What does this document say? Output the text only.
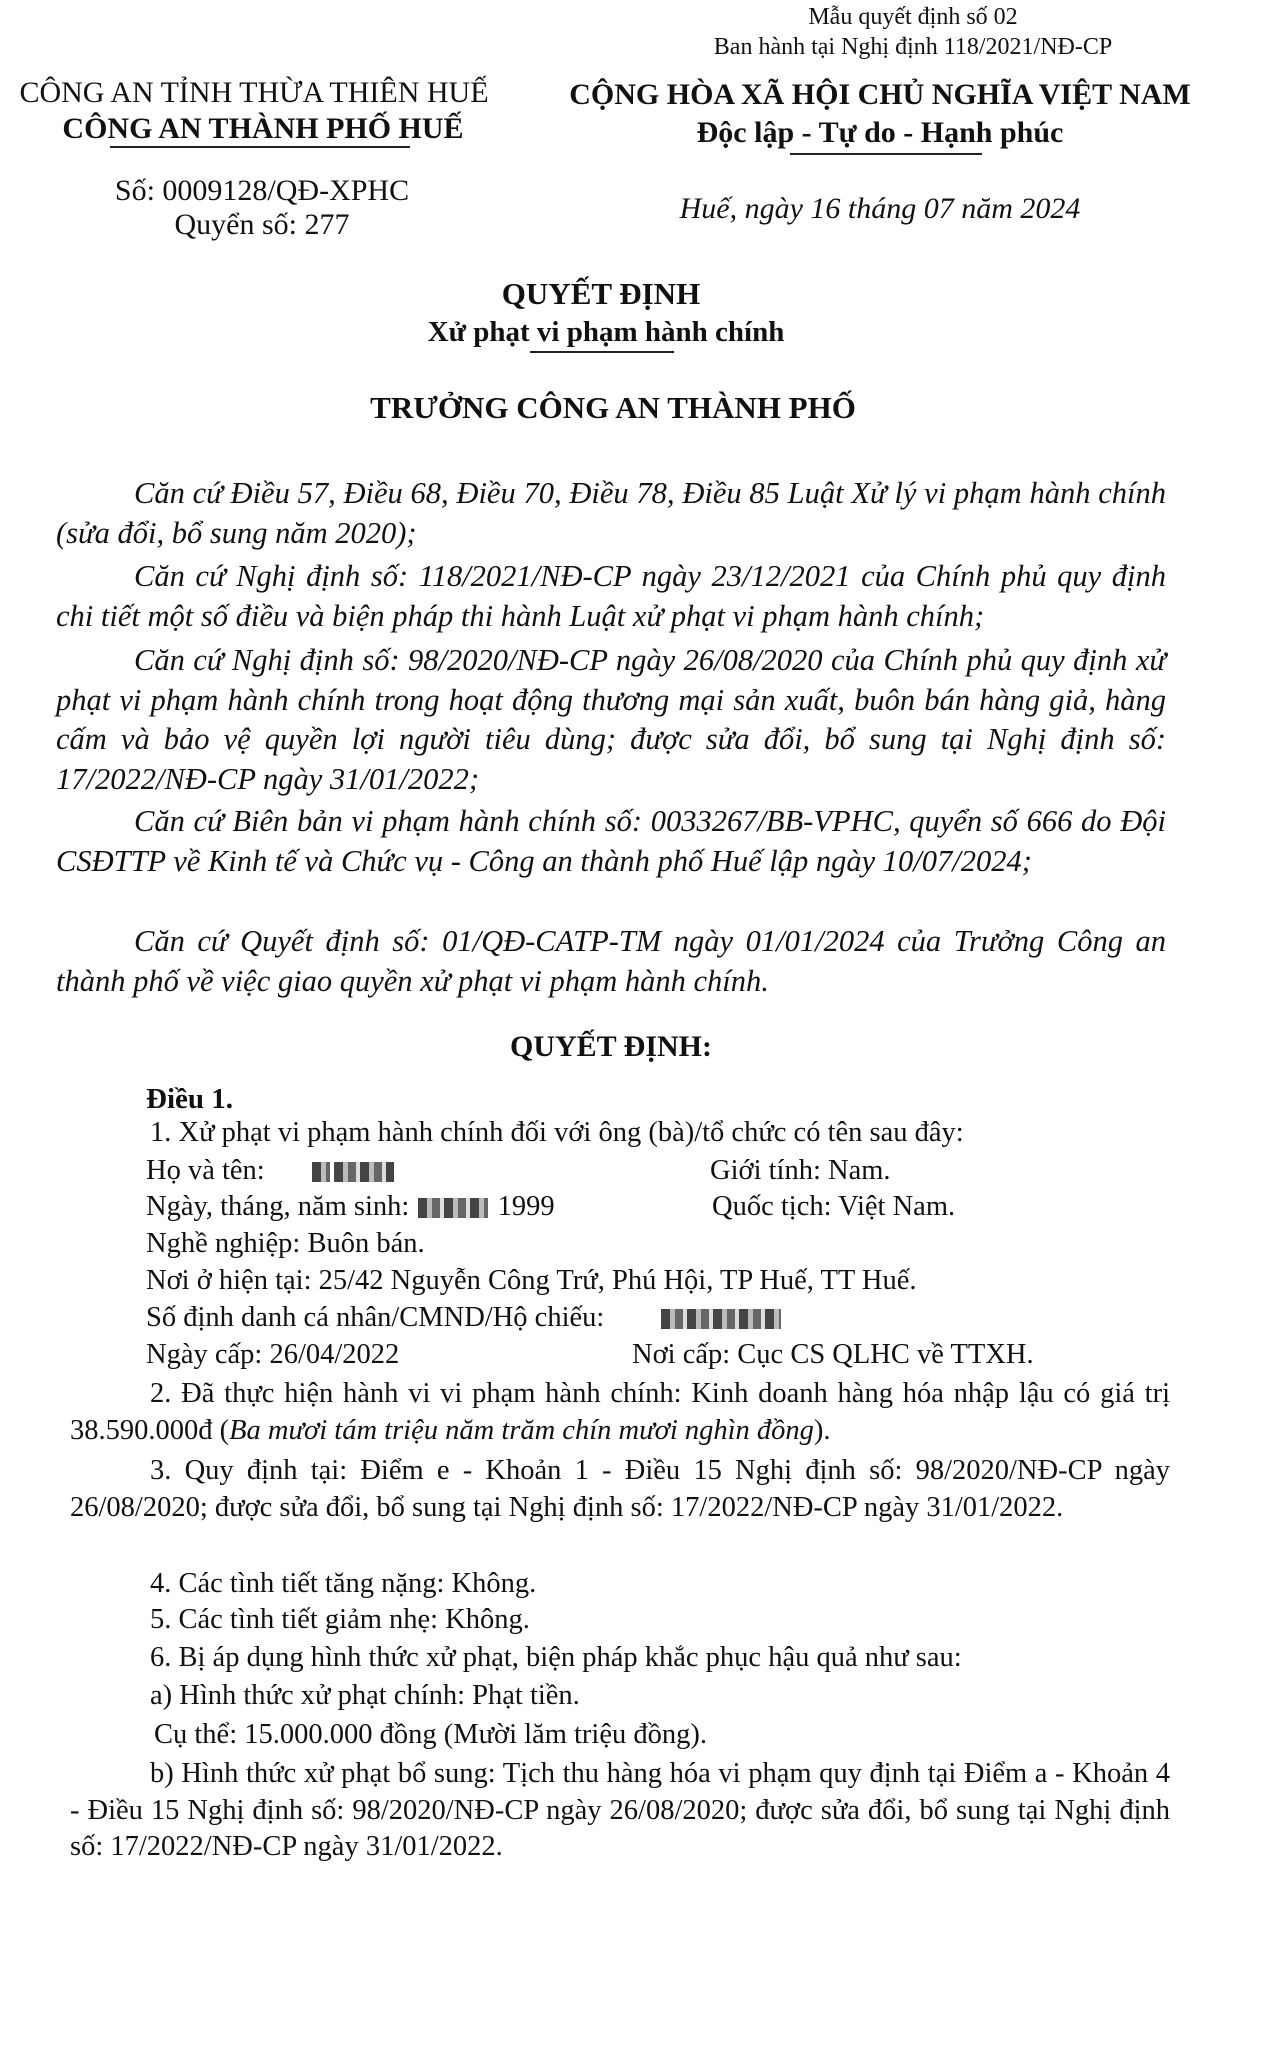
Mẫu quyết định số 02
Ban hành tại Nghị định 118/2021/NĐ-CP
CÔNG AN TỈNH THỪA THIÊN HUẾ
CÔNG AN THÀNH PHỐ HUẾ
Số: 0009128/QĐ-XPHC
Quyển số: 277
CỘNG HÒA XÃ HỘI CHỦ NGHĨA VIỆT NAM
Độc lập - Tự do - Hạnh phúc
Huế, ngày 16 tháng 07 năm 2024
QUYẾT ĐỊNH
Xử phạt vi phạm hành chính
TRƯỞNG CÔNG AN THÀNH PHỐ
Căn cứ Điều 57, Điều 68, Điều 70, Điều 78, Điều 85 Luật Xử lý vi phạm hành chính (sửa đổi, bổ sung năm 2020);
Căn cứ Nghị định số: 118/2021/NĐ-CP ngày 23/12/2021 của Chính phủ quy định chi tiết một số điều và biện pháp thi hành Luật xử phạt vi phạm hành chính;
Căn cứ Nghị định số: 98/2020/NĐ-CP ngày 26/08/2020 của Chính phủ quy định xử phạt vi phạm hành chính trong hoạt động thương mại sản xuất, buôn bán hàng giả, hàng cấm và bảo vệ quyền lợi người tiêu dùng; được sửa đổi, bổ sung tại Nghị định số: 17/2022/NĐ-CP ngày 31/01/2022;
Căn cứ Biên bản vi phạm hành chính số: 0033267/BB-VPHC, quyển số 666 do Đội CSĐTTP về Kinh tế và Chức vụ - Công an thành phố Huế lập ngày 10/07/2024;
Căn cứ Quyết định số: 01/QĐ-CATP-TM ngày 01/01/2024 của Trưởng Công an thành phố về việc giao quyền xử phạt vi phạm hành chính.
QUYẾT ĐỊNH:
Điều 1.
1. Xử phạt vi phạm hành chính đối với ông (bà)/tổ chức có tên sau đây:
Họ và tên:	Giới tính: Nam.
Ngày, tháng, năm sinh:	1999	Quốc tịch: Việt Nam.
Nghề nghiệp: Buôn bán.
Nơi ở hiện tại: 25/42 Nguyễn Công Trứ, Phú Hội, TP Huế, TT Huế.
Số định danh cá nhân/CMND/Hộ chiếu:
Ngày cấp: 26/04/2022	Nơi cấp: Cục CS QLHC về TTXH.
2. Đã thực hiện hành vi vi phạm hành chính: Kinh doanh hàng hóa nhập lậu có giá trị 38.590.000đ (Ba mươi tám triệu năm trăm chín mươi nghìn đồng).
3. Quy định tại: Điểm e - Khoản 1 - Điều 15 Nghị định số: 98/2020/NĐ-CP ngày 26/08/2020; được sửa đổi, bổ sung tại Nghị định số: 17/2022/NĐ-CP ngày 31/01/2022.
4. Các tình tiết tăng nặng: Không.
5. Các tình tiết giảm nhẹ: Không.
6. Bị áp dụng hình thức xử phạt, biện pháp khắc phục hậu quả như sau:
a) Hình thức xử phạt chính: Phạt tiền.
Cụ thể: 15.000.000 đồng (Mười lăm triệu đồng).
b) Hình thức xử phạt bổ sung: Tịch thu hàng hóa vi phạm quy định tại Điểm a - Khoản 4 - Điều 15 Nghị định số: 98/2020/NĐ-CP ngày 26/08/2020; được sửa đổi, bổ sung tại Nghị định số: 17/2022/NĐ-CP ngày 31/01/2022.
